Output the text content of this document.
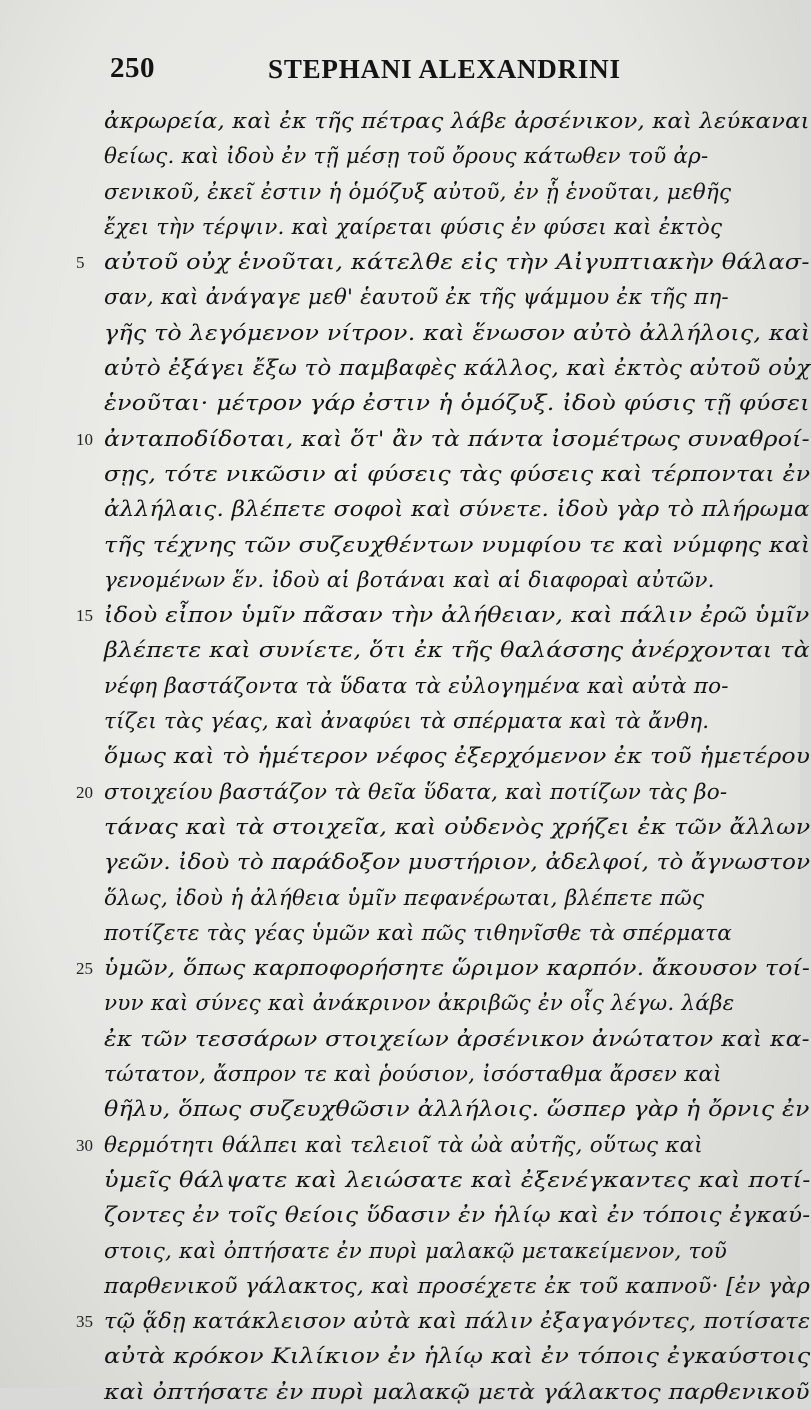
250	STEPHANI ALEXANDRINI
ἀκρωρεία, καὶ ἐκ τῆς πέτρας λάβε ἀρσένικον, καὶ λεύκαναι
θείως. καὶ ἰδοὺ ἐν τῇ μέσῃ τοῦ ὄρους κάτωθεν τοῦ ἀρ-
σενικοῦ, ἐκεῖ ἐστιν ἡ ὁμόζυξ αὐτοῦ, ἐν ᾗ ἑνοῦται, μεθῆς
ἔχει τὴν τέρψιν. καὶ χαίρεται φύσις ἐν φύσει καὶ ἐκτὸς
5 αὐτοῦ οὐχ ἑνοῦται, κάτελθε εἰς τὴν Αἰγυπτιακὴν θάλασ-
σαν, καὶ ἀνάγαγε μεθ' ἑαυτοῦ ἐκ τῆς ψάμμου ἐκ τῆς πη-
γῆς τὸ λεγόμενον νίτρον. καὶ ἕνωσον αὐτὸ ἀλλήλοις, καὶ
αὐτὸ ἐξάγει ἔξω τὸ παμβαφὲς κάλλος, καὶ ἐκτὸς αὐτοῦ οὐχ
ἑνοῦται· μέτρον γάρ ἐστιν ἡ ὁμόζυξ. ἰδοὺ φύσις τῇ φύσει
10 ἀνταποδίδοται, καὶ ὅτ' ἂν τὰ πάντα ἰσομέτρως συναθροί-
σῃς, τότε νικῶσιν αἱ φύσεις τὰς φύσεις καὶ τέρπονται ἐν
ἀλλήλαις. βλέπετε σοφοὶ καὶ σύνετε. ἰδοὺ γὰρ τὸ πλήρωμα
τῆς τέχνης τῶν συζευχθέντων νυμφίου τε καὶ νύμφης καὶ
γενομένων ἕν. ἰδοὺ αἱ βοτάναι καὶ αἱ διαφοραὶ αὐτῶν.
15 ἰδοὺ εἶπον ὑμῖν πᾶσαν τὴν ἀλήθειαν, καὶ πάλιν ἐρῶ ὑμῖν
βλέπετε καὶ συνίετε, ὅτι ἐκ τῆς θαλάσσης ἀνέρχονται τὰ
νέφη βαστάζοντα τὰ ὕδατα τὰ εὐλογημένα καὶ αὐτὰ πο-
τίζει τὰς γέας, καὶ ἀναφύει τὰ σπέρματα καὶ τὰ ἄνθη.
ὅμως καὶ τὸ ἡμέτερον νέφος ἐξερχόμενον ἐκ τοῦ ἡμετέρου
20 στοιχείου βαστάζον τὰ θεῖα ὕδατα, καὶ ποτίζων τὰς βο-
τάνας καὶ τὰ στοιχεῖα, καὶ οὐδενὸς χρήζει ἐκ τῶν ἄλλων
γεῶν. ἰδοὺ τὸ παράδοξον μυστήριον, ἀδελφοί, τὸ ἄγνωστον
ὅλως, ἰδοὺ ἡ ἀλήθεια ὑμῖν πεφανέρωται, βλέπετε πῶς
ποτίζετε τὰς γέας ὑμῶν καὶ πῶς τιθηνῖσθε τὰ σπέρματα
25 ὑμῶν, ὅπως καρποφορήσητε ὥριμον καρπόν. ἄκουσον τοί-
νυν καὶ σύνες καὶ ἀνάκρινον ἀκριβῶς ἐν οἷς λέγω. λάβε
ἐκ τῶν τεσσάρων στοιχείων ἀρσένικον ἀνώτατον καὶ κα-
τώτατον, ἄσπρον τε καὶ ῥούσιον, ἰσόσταθμα ἄρσεν καὶ
θῆλυ, ὅπως συζευχθῶσιν ἀλλήλοις. ὥσπερ γὰρ ἡ ὄρνις ἐν
30 θερμότητι θάλπει καὶ τελειοῖ τὰ ὠὰ αὐτῆς, οὕτως καὶ
ὑμεῖς θάλψατε καὶ λειώσατε καὶ ἐξενέγκαντες καὶ ποτί-
ζοντες ἐν τοῖς θείοις ὕδασιν ἐν ἡλίῳ καὶ ἐν τόποις ἐγκαύ-
στοις, καὶ ὀπτήσατε ἐν πυρὶ μαλακῷ μετακείμενον, τοῦ
παρθενικοῦ γάλακτος, καὶ προσέχετε ἐκ τοῦ καπνοῦ· [ἐν γὰρ
35 τῷ ᾅδῃ κατάκλεισον αὐτὰ καὶ πάλιν ἐξαγαγόντες, ποτίσατε
αὐτὰ κρόκον Κιλίκιον ἐν ἡλίῳ καὶ ἐν τόποις ἐγκαύστοις
καὶ ὀπτήσατε ἐν πυρὶ μαλακῷ μετὰ γάλακτος παρθενικοῦ
